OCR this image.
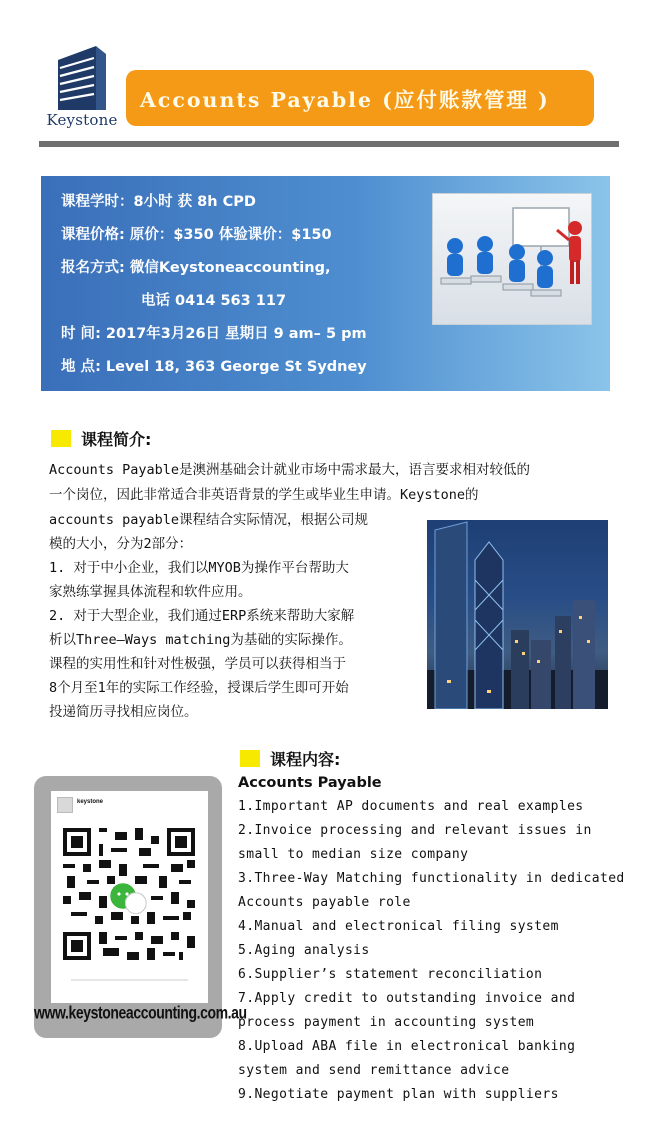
Keystone
Accounts Payable (应付账款管理 )
课程学时：8小时 获 8h CPD
课程价格: 原价：$350 体验课价：$150
报名方式: 微信Keystoneaccounting,
电话 0414 563 117
时 间: 2017年3月26日 星期日 9 am– 5 pm
地 点: Level 18, 363 George St Sydney
课程简介:
Accounts Payable是澳洲基础会计就业市场中需求最大，语言要求相对较低的
一个岗位，因此非常适合非英语背景的学生或毕业生申请。Keystone的
accounts payable课程结合实际情况，根据公司规
模的大小，分为2部分：
1. 对于中小企业，我们以MYOB为操作平台帮助大
家熟练掌握具体流程和软件应用。
2. 对于大型企业，我们通过ERP系统来帮助大家解
析以Three–Ways matching为基础的实际操作。
课程的实用性和针对性极强，学员可以获得相当于
8个月至1年的实际工作经验，授课后学生即可开始
投递简历寻找相应岗位。
课程内容:
Accounts Payable
1.Important AP documents and real examples
2.Invoice processing and relevant issues in
small to median size company
3.Three-Way Matching functionality in dedicated
Accounts payable role
4.Manual and electronical filing system
5.Aging analysis
6.Supplier’s statement reconciliation
7.Apply credit to outstanding invoice and
process payment in accounting system
8.Upload ABA file in electronical banking
system and send remittance advice
9.Negotiate payment plan with suppliers
keystone
www.keystoneaccounting.com.au
